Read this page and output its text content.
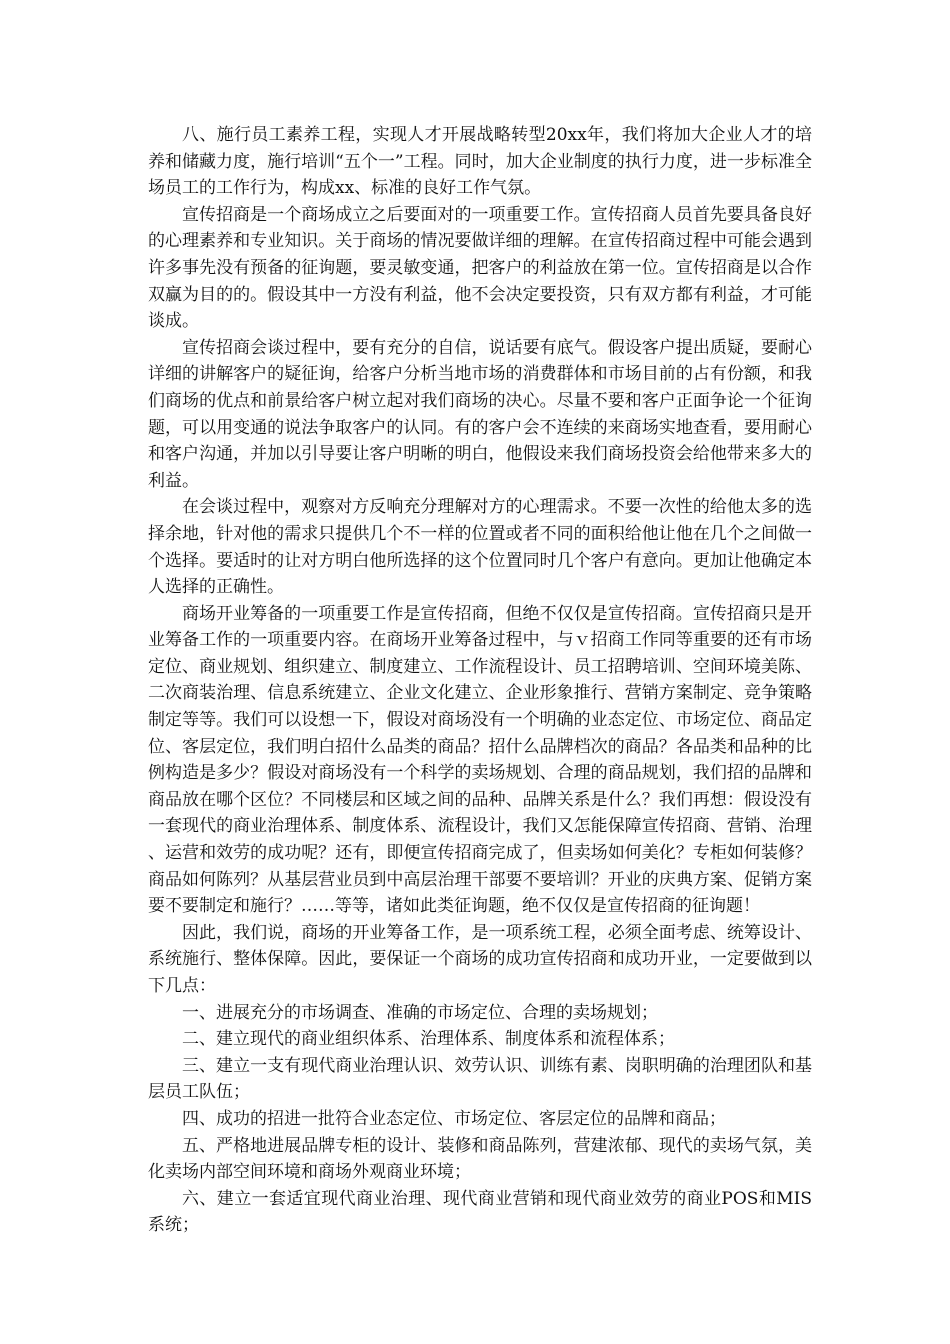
八、施行员工素养工程，实现人才开展战略转型20xx年，我们将加大企业人才的培养和储藏力度，施行培训“五个一”工程。同时，加大企业制度的执行力度，进一步标准全场员工的工作行为，构成xx、标准的良好工作气氛。

宣传招商是一个商场成立之后要面对的一项重要工作。宣传招商人员首先要具备良好的心理素养和专业知识。关于商场的情况要做详细的理解。在宣传招商过程中可能会遇到许多事先没有预备的征询题，要灵敏变通，把客户的利益放在第一位。宣传招商是以合作双赢为目的的。假设其中一方没有利益，他不会决定要投资，只有双方都有利益，才可能谈成。

宣传招商会谈过程中，要有充分的自信，说话要有底气。假设客户提出质疑，要耐心详细的讲解客户的疑征询，给客户分析当地市场的消费群体和市场目前的占有份额，和我们商场的优点和前景给客户树立起对我们商场的决心。尽量不要和客户正面争论一个征询题，可以用变通的说法争取客户的认同。有的客户会不连续的来商场实地查看，要用耐心和客户沟通，并加以引导要让客户明晰的明白，他假设来我们商场投资会给他带来多大的利益。

在会谈过程中，观察对方反响充分理解对方的心理需求。不要一次性的给他太多的选择余地，针对他的需求只提供几个不一样的位置或者不同的面积给他让他在几个之间做一个选择。要适时的让对方明白他所选择的这个位置同时几个客户有意向。更加让他确定本人选择的正确性。

商场开业筹备的一项重要工作是宣传招商，但绝不仅仅是宣传招商。宣传招商只是开业筹备工作的一项重要内容。在商场开业筹备过程中，与ｖ招商工作同等重要的还有市场定位、商业规划、组织建立、制度建立、工作流程设计、员工招聘培训、空间环境美陈、二次商装治理、信息系统建立、企业文化建立、企业形象推行、营销方案制定、竞争策略制定等等。我们可以设想一下，假设对商场没有一个明确的业态定位、市场定位、商品定位、客层定位，我们明白招什么品类的商品？招什么品牌档次的商品？各品类和品种的比例构造是多少？假设对商场没有一个科学的卖场规划、合理的商品规划，我们招的品牌和商品放在哪个区位？不同楼层和区域之间的品种、品牌关系是什么？我们再想：假设没有一套现代的商业治理体系、制度体系、流程设计，我们又怎能保障宣传招商、营销、治理 、运营和效劳的成功呢？还有，即便宣传招商完成了，但卖场如何美化？专柜如何装修？商品如何陈列？从基层营业员到中高层治理干部要不要培训？开业的庆典方案、促销方案要不要制定和施行？……等等，诸如此类征询题，绝不仅仅是宣传招商的征询题！

因此，我们说，商场的开业筹备工作，是一项系统工程，必须全面考虑、统筹设计、系统施行、整体保障。因此，要保证一个商场的成功宣传招商和成功开业，一定要做到以下几点：

一、进展充分的市场调查、准确的市场定位、合理的卖场规划；

二、建立现代的商业组织体系、治理体系、制度体系和流程体系；

三、建立一支有现代商业治理认识、效劳认识、训练有素、岗职明确的治理团队和基层员工队伍；

四、成功的招进一批符合业态定位、市场定位、客层定位的品牌和商品；

五、严格地进展品牌专柜的设计、装修和商品陈列，营建浓郁、现代的卖场气氛，美化卖场内部空间环境和商场外观商业环境；

六、建立一套适宜现代商业治理、现代商业营销和现代商业效劳的商业POS和MIS系统；
